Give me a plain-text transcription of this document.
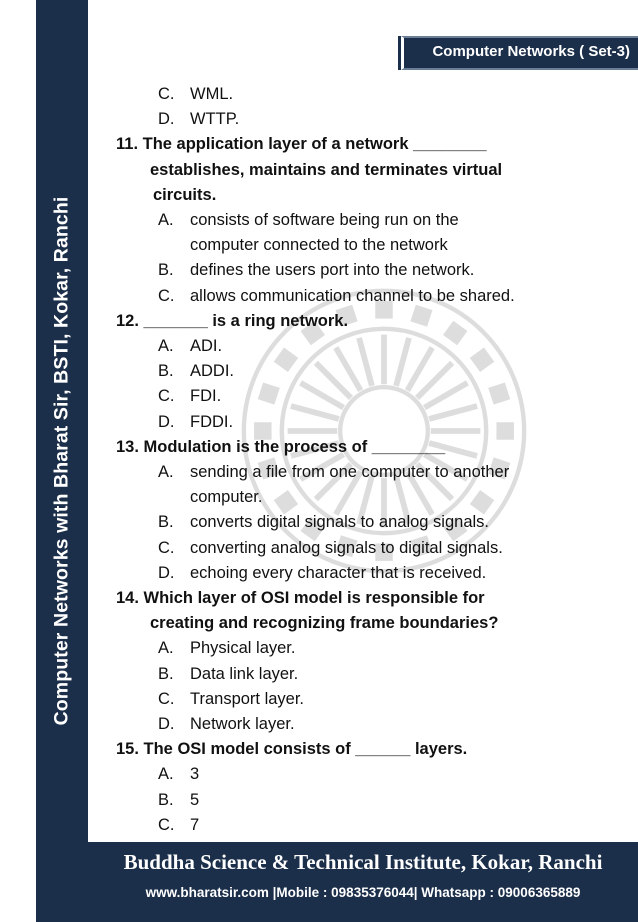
Computer Networks with Bharat Sir, BSTI, Kokar, Ranchi
Computer Networks ( Set-3)
C. WML.
D. WTTP.
11. The application layer of a network ________
establishes, maintains and terminates virtual
circuits.
A. consists of software being run on the
computer connected to the network
B. defines the users port into the network.
C. allows communication channel to be shared.
12. _______ is a ring network.
A. ADI.
B. ADDI.
C. FDI.
D. FDDI.
13. Modulation is the process of ________
A. sending a file from one computer to another
computer.
B. converts digital signals to analog signals.
C. converting analog signals to digital signals.
D. echoing every character that is received.
14. Which layer of OSI model is responsible for
creating and recognizing frame boundaries?
A. Physical layer.
B. Data link layer.
C. Transport layer.
D. Network layer.
15. The OSI model consists of ______ layers.
A. 3
B. 5
C. 7
Buddha Science & Technical Institute, Kokar, Ranchi
www.bharatsir.com |Mobile : 09835376044| Whatsapp : 09006365889
